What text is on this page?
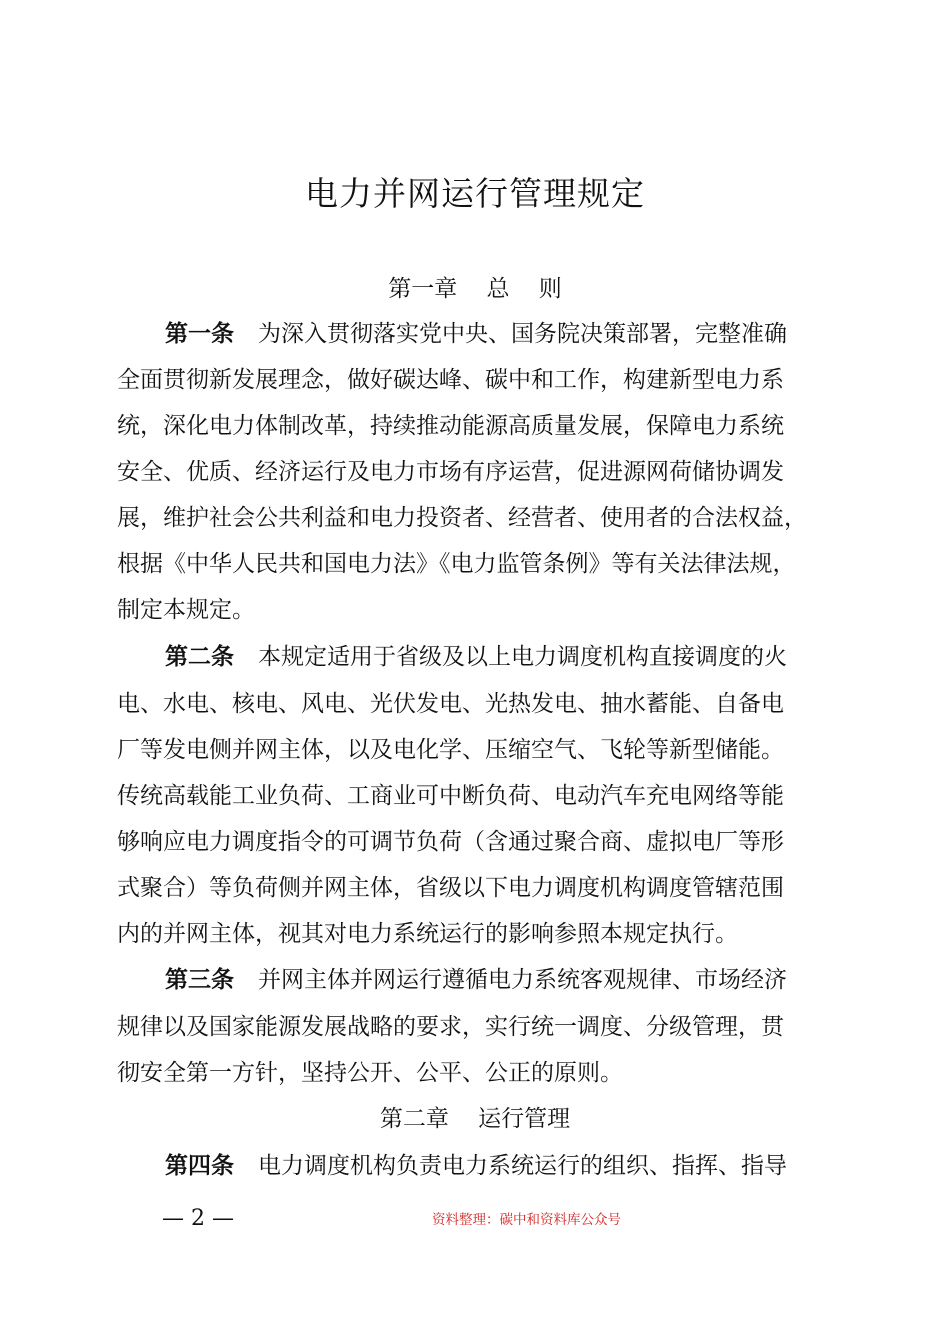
电力并网运行管理规定
第一章    总    则
第一条 为深入贯彻落实党中央、国务院决策部署，完整准确
全面贯彻新发展理念，做好碳达峰、碳中和工作，构建新型电力系
统，深化电力体制改革，持续推动能源高质量发展，保障电力系统
安全、优质、经济运行及电力市场有序运营，促进源网荷储协调发
展，维护社会公共利益和电力投资者、经营者、使用者的合法权益，
根据《中华人民共和国电力法》《电力监管条例》等有关法律法规，
制定本规定。
第二条 本规定适用于省级及以上电力调度机构直接调度的火
电、水电、核电、风电、光伏发电、光热发电、抽水蓄能、自备电
厂等发电侧并网主体，以及电化学、压缩空气、飞轮等新型储能。
传统高载能工业负荷、工商业可中断负荷、电动汽车充电网络等能
够响应电力调度指令的可调节负荷（含通过聚合商、虚拟电厂等形
式聚合）等负荷侧并网主体，省级以下电力调度机构调度管辖范围
内的并网主体，视其对电力系统运行的影响参照本规定执行。
第三条 并网主体并网运行遵循电力系统客观规律、市场经济
规律以及国家能源发展战略的要求，实行统一调度、分级管理，贯
彻安全第一方针，坚持公开、公平、公正的原则。
第二章    运行管理
第四条 电力调度机构负责电力系统运行的组织、指挥、指导
— 2 —	资料整理：碳中和资料库公众号
